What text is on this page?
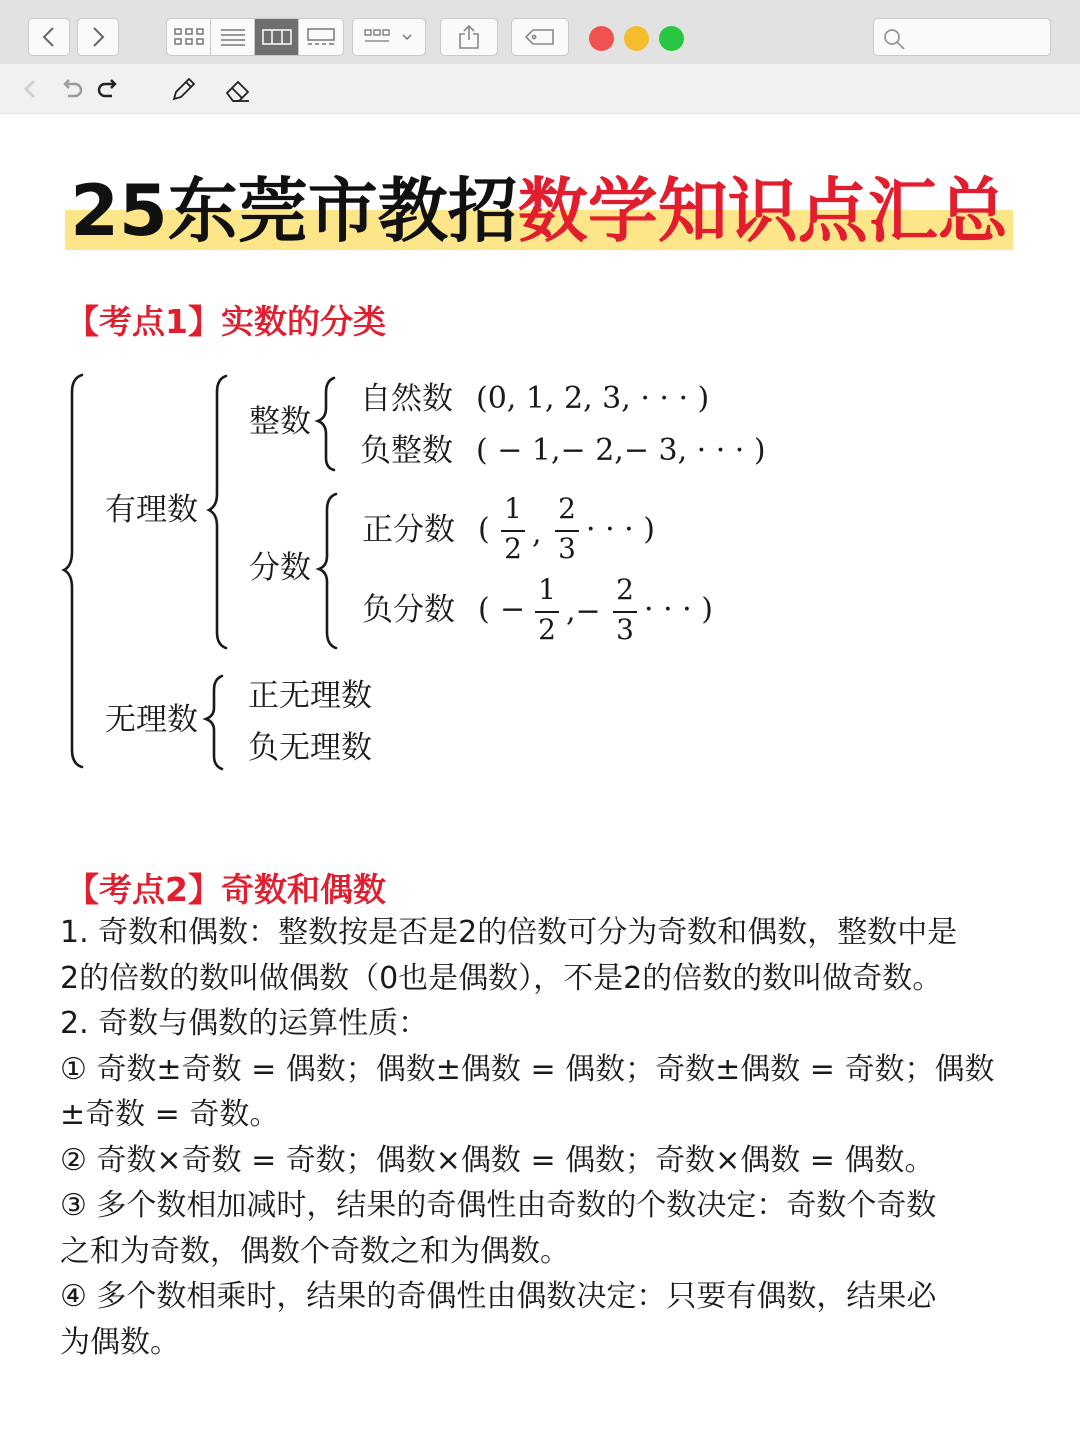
25东莞市教招数学知识点汇总
【考点1】实数的分类
有理数
整数
自然数 (0, 1, 2, 3, · · · )
负整数 ( − 1,− 2,− 3, · · · )
分数
正分数 (
1
2 ,
2
3
· · · )
负分数 ( −
1
2
,−
2
3
· · · )
无理数
正无理数
负无理数
【考点2】奇数和偶数

1. 奇数和偶数：整数按是否是2的倍数可分为奇数和偶数，整数中是

2的倍数的数叫做偶数（0也是偶数），不是2的倍数的数叫做奇数。

2. 奇数与偶数的运算性质：

① 奇数±奇数 = 偶数；偶数±偶数 = 偶数；奇数±偶数 = 奇数；偶数

±奇数 = 奇数。

② 奇数×奇数 = 奇数；偶数×偶数 = 偶数；奇数×偶数 = 偶数。

③ 多个数相加减时，结果的奇偶性由奇数的个数决定：奇数个奇数

之和为奇数，偶数个奇数之和为偶数。

④ 多个数相乘时，结果的奇偶性由偶数决定：只要有偶数，结果必

为偶数。
